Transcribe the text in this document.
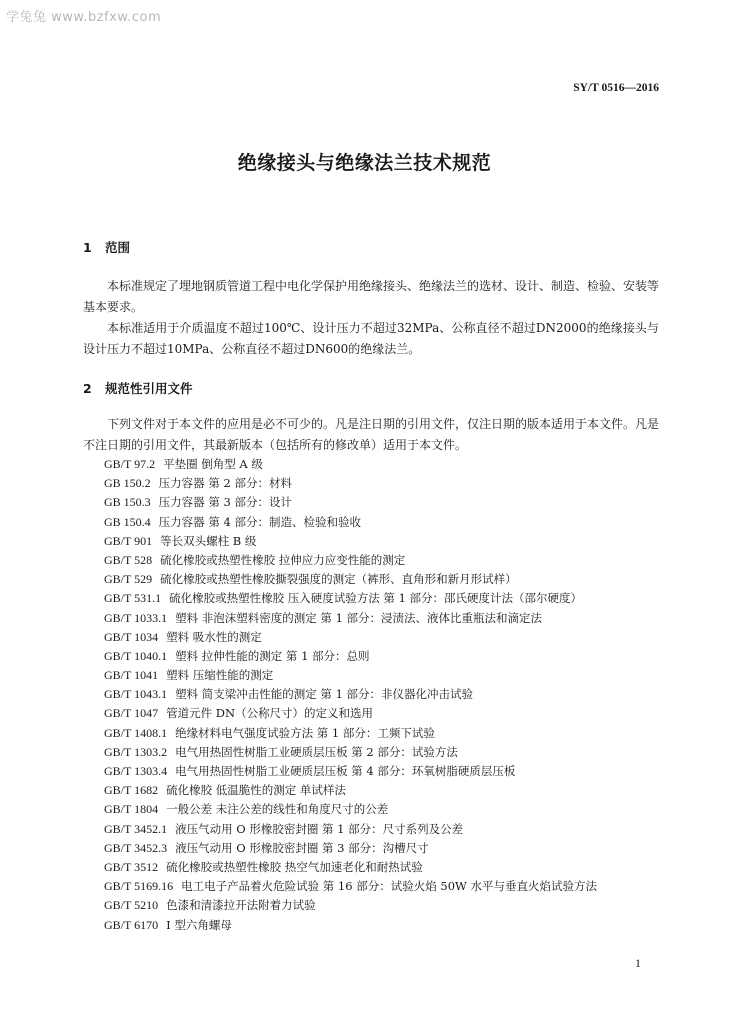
学兔兔 www.bzfxw.com
SY/T 0516—2016
绝缘接头与绝缘法兰技术规范
1 范围
本标准规定了埋地钢质管道工程中电化学保护用绝缘接头、绝缘法兰的选材、设计、制造、检验、安装等基本要求。
本标准适用于介质温度不超过100℃、设计压力不超过32MPa、公称直径不超过DN2000的绝缘接头与设计压力不超过10MPa、公称直径不超过DN600的绝缘法兰。
2 规范性引用文件
下列文件对于本文件的应用是必不可少的。凡是注日期的引用文件，仅注日期的版本适用于本文件。凡是不注日期的引用文件，其最新版本（包括所有的修改单）适用于本文件。
GB/T 97.2 平垫圈 倒角型 A 级
GB 150.2 压力容器 第 2 部分：材料
GB 150.3 压力容器 第 3 部分：设计
GB 150.4 压力容器 第 4 部分：制造、检验和验收
GB/T 901 等长双头螺柱 B 级
GB/T 528 硫化橡胶或热塑性橡胶 拉伸应力应变性能的测定
GB/T 529 硫化橡胶或热塑性橡胶撕裂强度的测定（裤形、直角形和新月形试样）
GB/T 531.1 硫化橡胶或热塑性橡胶 压入硬度试验方法 第 1 部分：邵氏硬度计法（邵尔硬度）
GB/T 1033.1 塑料 非泡沫塑料密度的测定 第 1 部分：浸渍法、液体比重瓶法和滴定法
GB/T 1034 塑料 吸水性的测定
GB/T 1040.1 塑料 拉伸性能的测定 第 1 部分：总则
GB/T 1041 塑料 压缩性能的测定
GB/T 1043.1 塑料 简支梁冲击性能的测定 第 1 部分：非仪器化冲击试验
GB/T 1047 管道元件 DN（公称尺寸）的定义和选用
GB/T 1408.1 绝缘材料电气强度试验方法 第 1 部分：工频下试验
GB/T 1303.2 电气用热固性树脂工业硬质层压板 第 2 部分：试验方法
GB/T 1303.4 电气用热固性树脂工业硬质层压板 第 4 部分：环氧树脂硬质层压板
GB/T 1682 硫化橡胶 低温脆性的测定 单试样法
GB/T 1804 一般公差 未注公差的线性和角度尺寸的公差
GB/T 3452.1 液压气动用 O 形橡胶密封圈 第 1 部分：尺寸系列及公差
GB/T 3452.3 液压气动用 O 形橡胶密封圈 第 3 部分：沟槽尺寸
GB/T 3512 硫化橡胶或热塑性橡胶 热空气加速老化和耐热试验
GB/T 5169.16 电工电子产品着火危险试验 第 16 部分：试验火焰 50W 水平与垂直火焰试验方法
GB/T 5210 色漆和清漆拉开法附着力试验
GB/T 6170 I 型六角螺母
1
